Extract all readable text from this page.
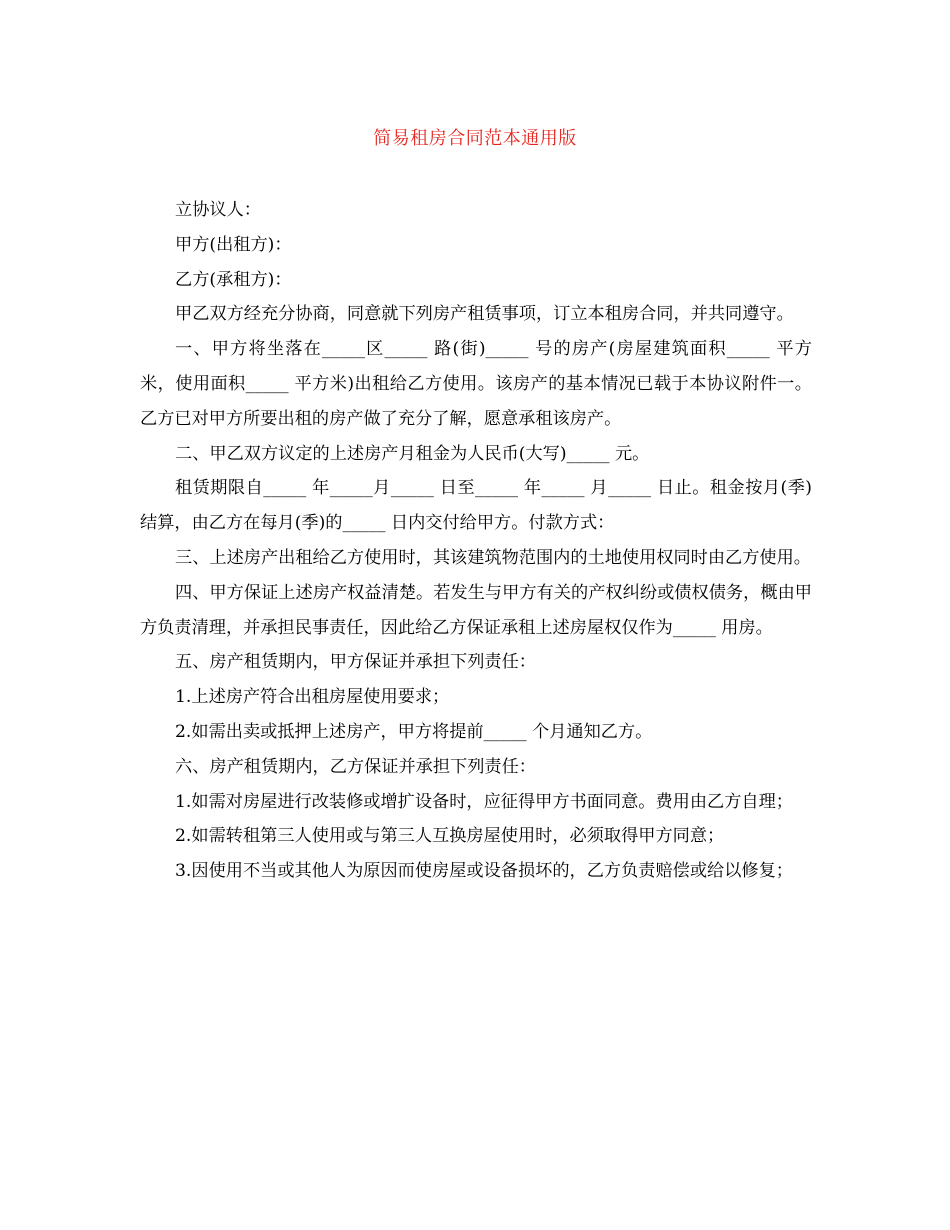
简易租房合同范本通用版

立协议人：

甲方(出租方)：

乙方(承租方)：

甲乙双方经充分协商，同意就下列房产租赁事项，订立本租房合同，并共同遵守。

一、甲方将坐落在_____区_____ 路(街)_____ 号的房产(房屋建筑面积_____ 平方米，使用面积_____ 平方米)出租给乙方使用。该房产的基本情况已载于本协议附件一。乙方已对甲方所要出租的房产做了充分了解，愿意承租该房产。

二、甲乙双方议定的上述房产月租金为人民币(大写)_____ 元。

租赁期限自_____ 年_____月_____ 日至_____ 年_____ 月_____ 日止。租金按月(季)结算，由乙方在每月(季)的_____ 日内交付给甲方。付款方式：

三、上述房产出租给乙方使用时，其该建筑物范围内的土地使用权同时由乙方使用。

四、甲方保证上述房产权益清楚。若发生与甲方有关的产权纠纷或债权债务，概由甲方负责清理，并承担民事责任，因此给乙方保证承租上述房屋权仅作为_____ 用房。

五、房产租赁期内，甲方保证并承担下列责任：

1.上述房产符合出租房屋使用要求；

2.如需出卖或抵押上述房产，甲方将提前_____ 个月通知乙方。

六、房产租赁期内，乙方保证并承担下列责任：

1.如需对房屋进行改装修或增扩设备时，应征得甲方书面同意。费用由乙方自理；

2.如需转租第三人使用或与第三人互换房屋使用时，必须取得甲方同意；

3.因使用不当或其他人为原因而使房屋或设备损坏的，乙方负责赔偿或给以修复；
